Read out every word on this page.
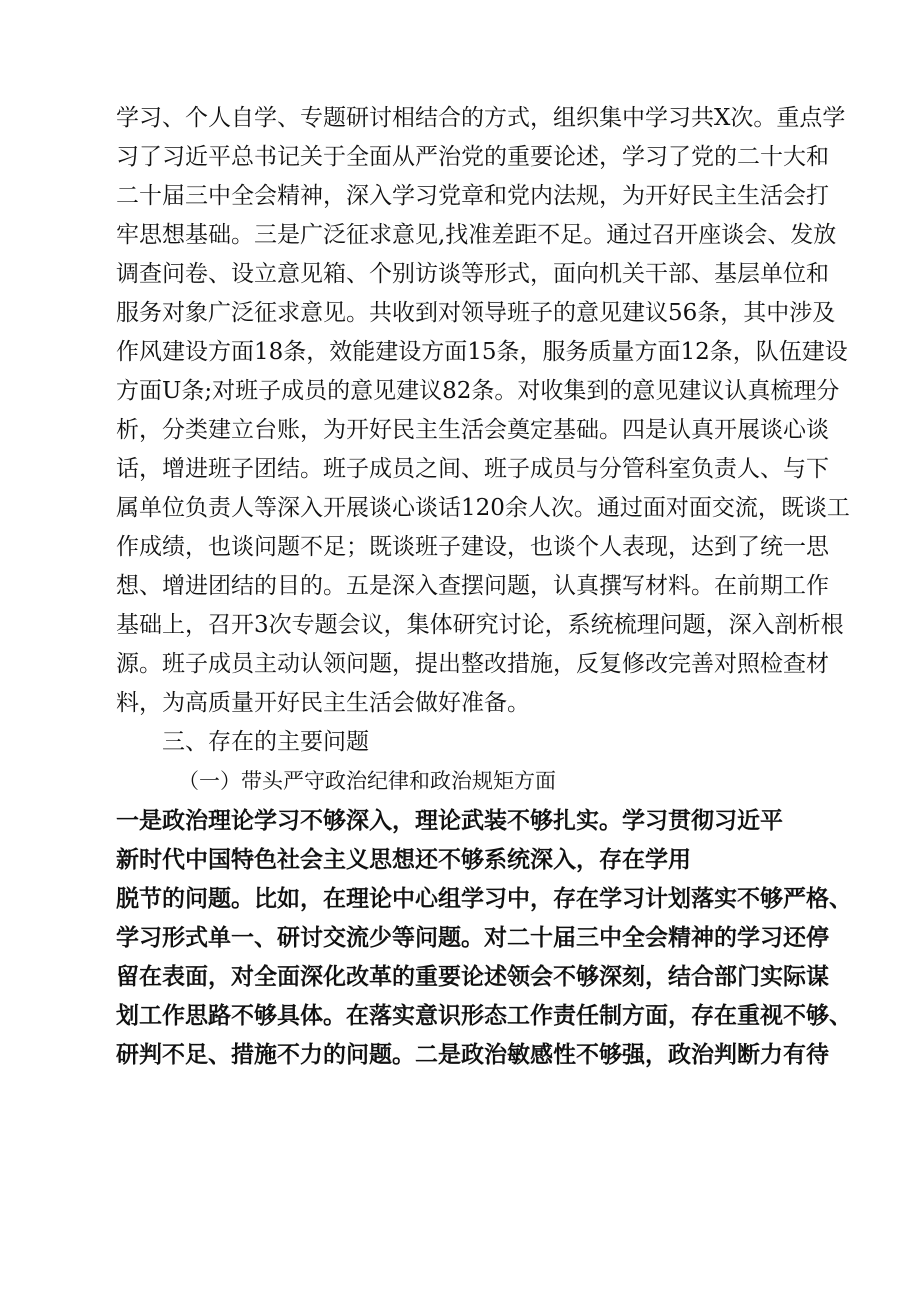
学习、个人自学、专题研讨相结合的方式，组织集中学习共X次。重点学

习了习近平总书记关于全面从严治党的重要论述，学习了党的二十大和

二十届三中全会精神，深入学习党章和党内法规，为开好民主生活会打

牢思想基础。三是广泛征求意见,找准差距不足。通过召开座谈会、发放

调查问卷、设立意见箱、个别访谈等形式，面向机关干部、基层单位和

服务对象广泛征求意见。共收到对领导班子的意见建议56条，其中涉及

作风建设方面18条，效能建设方面15条，服务质量方面12条，队伍建设

方面U条;对班子成员的意见建议82条。对收集到的意见建议认真梳理分

析，分类建立台账，为开好民主生活会奠定基础。四是认真开展谈心谈

话，增进班子团结。班子成员之间、班子成员与分管科室负责人、与下

属单位负责人等深入开展谈心谈话120余人次。通过面对面交流，既谈工

作成绩，也谈问题不足；既谈班子建设，也谈个人表现，达到了统一思

想、增进团结的目的。五是深入查摆问题，认真撰写材料。在前期工作

基础上，召开3次专题会议，集体研究讨论，系统梳理问题，深入剖析根

源。班子成员主动认领问题，提出整改措施，反复修改完善对照检查材

料，为高质量开好民主生活会做好准备。

三、存在的主要问题

（一）带头严守政治纪律和政治规矩方面

一是政治理论学习不够深入，理论武装不够扎实。学习贯彻习近平

新时代中国特色社会主义思想还不够系统深入，存在学用

脱节的问题。比如，在理论中心组学习中，存在学习计划落实不够严格、

学习形式单一、研讨交流少等问题。对二十届三中全会精神的学习还停

留在表面，对全面深化改革的重要论述领会不够深刻，结合部门实际谋

划工作思路不够具体。在落实意识形态工作责任制方面，存在重视不够、

研判不足、措施不力的问题。二是政治敏感性不够强，政治判断力有待
